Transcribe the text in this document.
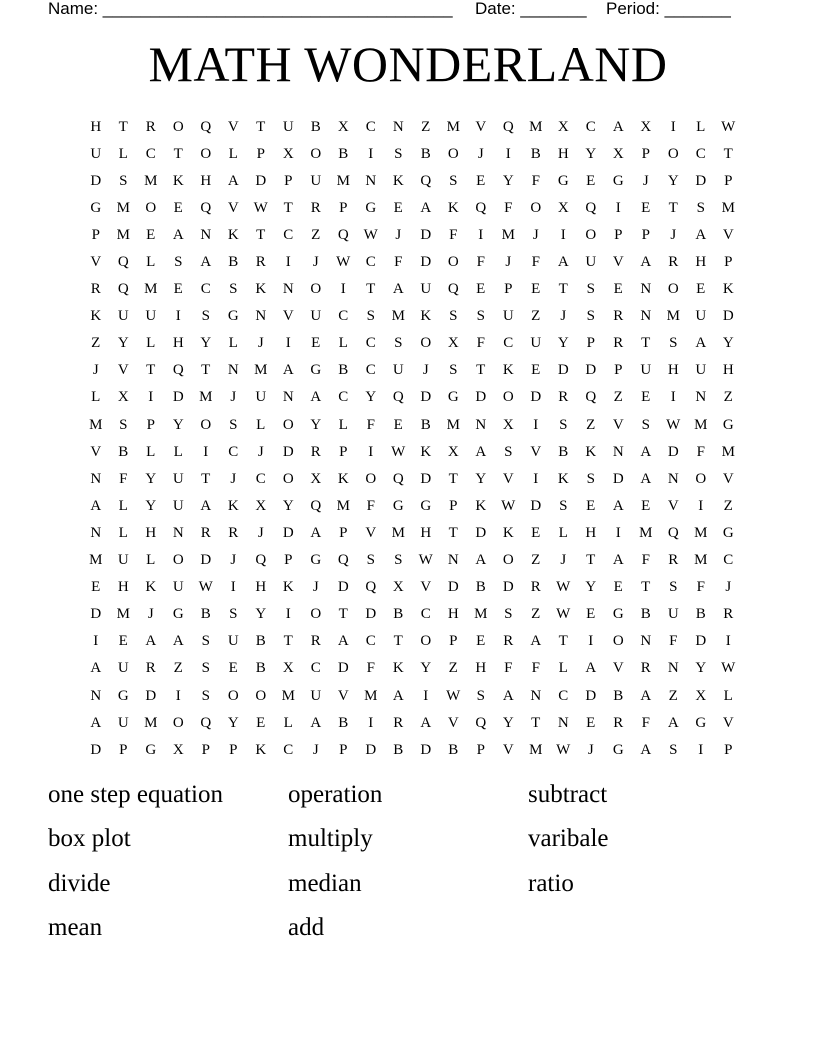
Name: _____________________________________ Date: _______ Period: _______
MATH WONDERLAND
H	T	R	O	Q	V	T	U	B	X	C	N	Z	M	V	Q	M	X	C	A	X	I	L	W
U	L	C	T	O	L	P	X	O	B	I	S	B	O	J	I	B	H	Y	X	P	O	C	T
D	S	M	K	H	A	D	P	U	M	N	K	Q	S	E	Y	F	G	E	G	J	Y	D	P
G	M	O	E	Q	V W	T	R	P	G	E	A	K	Q	F	O	X	Q	I	E	T	S	M
P	M	E	A	N	K	T	C	Z	Q W	J	D	F	I	M	J	I	O	P	P	J	A	V
V	Q	L	S	A	B	R	I	J	W	C	F	D	O	F	J	F	A	U	V	A	R	H	P
R	Q	M	E	C	S	K	N	O	I	T	A	U	Q	E	P	E	T	S	E	N	O	E	K
K	U	U	I	S	G	N	V	U	C	S	M	K	S	S	U	Z	J	S	R	N	M	U	D
Z	Y	L	H	Y	L	J	I	E	L	C	S	O	X	F	C	U	Y	P	R	T	S	A	Y
J	V	T	Q	T	N	M	A	G	B	C	U	J	S	T	K	E	D	D	P	U	H	U	H
L	X	I	D	M	J	U	N	A	C	Y	Q	D	G	D	O	D	R	Q	Z	E	I	N	Z
M	S	P	Y	O	S	L	O	Y	L	F	E	B	M	N	X	I	S	Z	V	S	W M	G
V	B	L	L	I	C	J	D	R	P	I	W	K	X	A	S	V	B	K	N	A	D	F	M
N	F	Y	U	T	J	C	O	X	K	O	Q	D	T	Y	V	I	K	S	D	A	N	O	V
A	L	Y	U	A	K	X	Y	Q	M	F	G	G	P	K W	D	S	E	A	E	V	I	Z
N	L	H	N	R	R	J	D	A	P	V	M	H	T	D	K	E	L	H	I	M	Q	M	G
M	U	L	O	D	J	Q	P	G	Q	S	S	W	N	A	O	Z	J	T	A	F	R	M	C
E	H	K	U W	I	H	K	J	D	Q	X	V	D	B	D	R	W	Y	E	T	S	F	J
D	M	J	G	B	S	Y	I	O	T	D	B	C	H	M	S	Z	W	E	G	B	U	B	R
I	E	A	A	S	U	B	T	R	A	C	T	O	P	E	R	A	T	I	O	N	F	D	I
A	U	R	Z	S	E	B	X	C	D	F	K	Y	Z	H	F	F	L	A	V	R	N	Y W
N	G	D	I	S	O	O	M	U	V	M	A	I	W	S	A	N	C	D	B	A	Z	X	L
A	U	M	O	Q	Y	E	L	A	B	I	R	A	V	Q	Y	T	N	E	R	F	A	G	V
D	P	G	X	P	P	K	C	J	P	D	B	D	B	P	V	M W	J	G	A	S	I	P
one step equation	operation	subtract
box plot	multiply	varibale
divide	median	ratio
mean	add
